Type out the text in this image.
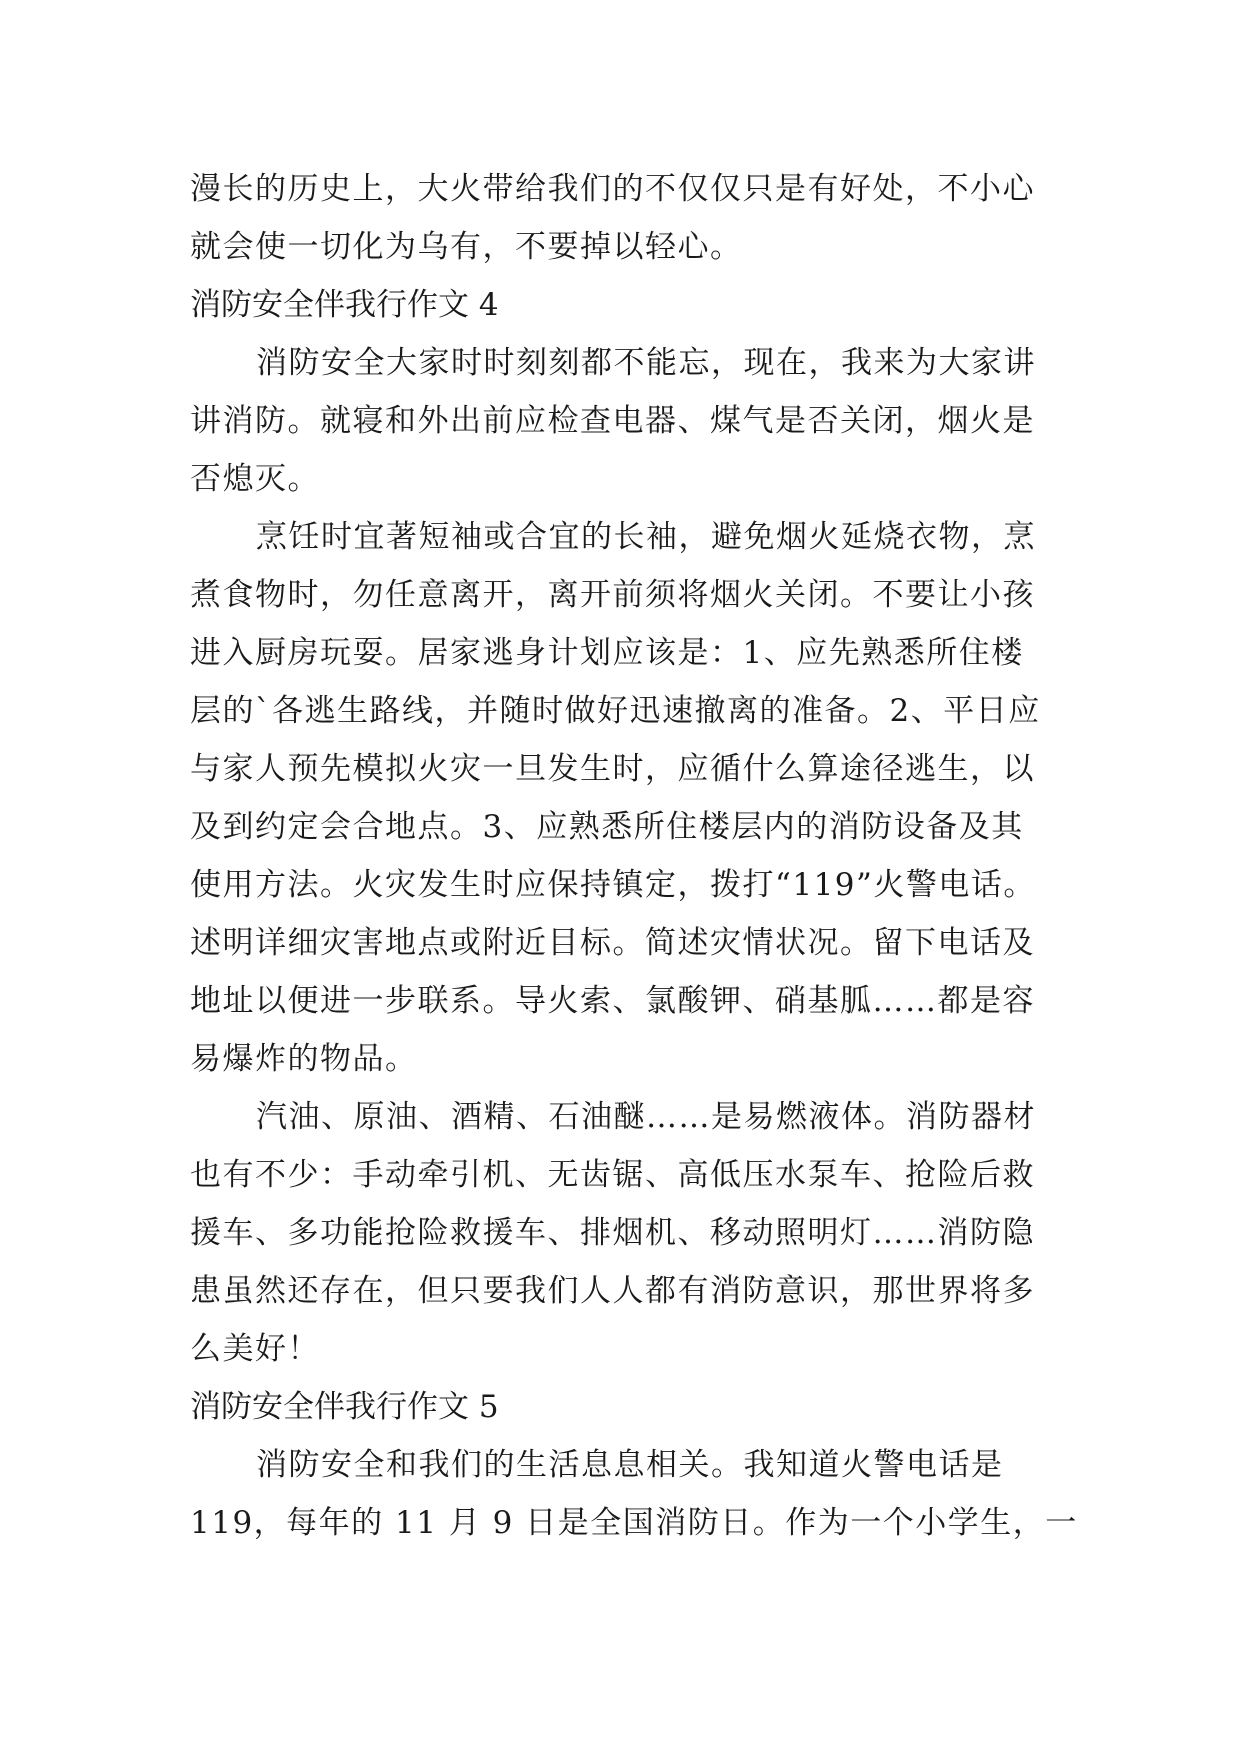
漫长的历史上，大火带给我们的不仅仅只是有好处，不小心
就会使一切化为乌有，不要掉以轻心。
消防安全伴我行作文 4
消防安全大家时时刻刻都不能忘，现在，我来为大家讲
讲消防。就寝和外出前应检查电器、煤气是否关闭，烟火是
否熄灭。
烹饪时宜著短袖或合宜的长袖，避免烟火延烧衣物，烹
煮食物时，勿任意离开，离开前须将烟火关闭。不要让小孩
进入厨房玩耍。居家逃身计划应该是：1、应先熟悉所住楼
层的`各逃生路线，并随时做好迅速撤离的准备。2、平日应
与家人预先模拟火灾一旦发生时，应循什么算途径逃生，以
及到约定会合地点。3、应熟悉所住楼层内的消防设备及其
使用方法。火灾发生时应保持镇定，拨打“119”火警电话。
述明详细灾害地点或附近目标。简述灾情状况。留下电话及
地址以便进一步联系。导火索、氯酸钾、硝基胍……都是容
易爆炸的物品。
汽油、原油、酒精、石油醚……是易燃液体。消防器材
也有不少：手动牵引机、无齿锯、高低压水泵车、抢险后救
援车、多功能抢险救援车、排烟机、移动照明灯……消防隐
患虽然还存在，但只要我们人人都有消防意识，那世界将多
么美好！
消防安全伴我行作文 5
消防安全和我们的生活息息相关。我知道火警电话是
119，每年的 11 月 9 日是全国消防日。作为一个小学生，一
